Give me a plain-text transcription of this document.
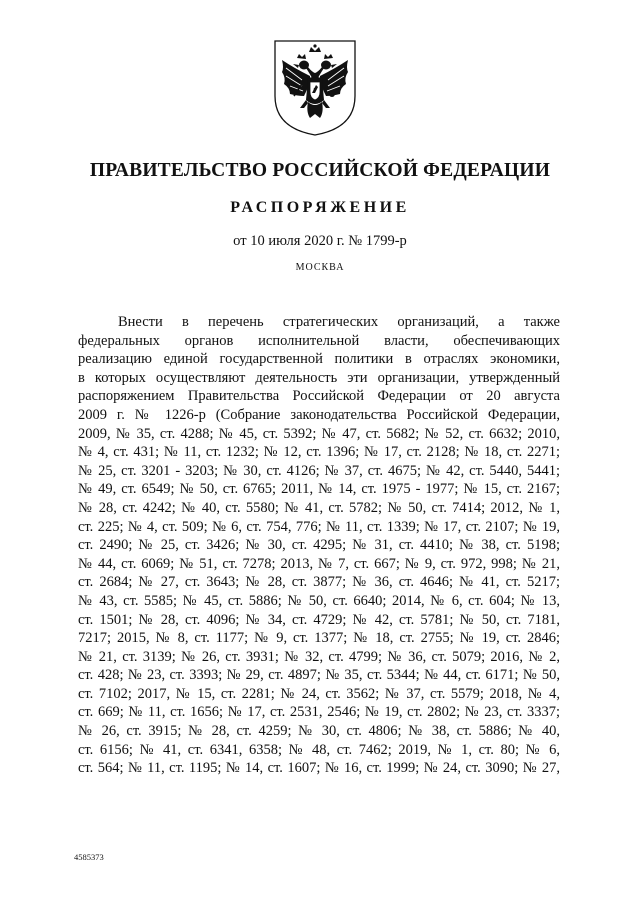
ПРАВИТЕЛЬСТВО РОССИЙСКОЙ ФЕДЕРАЦИИ
РАСПОРЯЖЕНИЕ

от 10 июля 2020 г. № 1799-р

МОСКВА

Внести в перечень стратегических организаций, а также
федеральных органов исполнительной власти, обеспечивающих
реализацию единой государственной политики в отраслях экономики,
в которых осуществляют деятельность эти организации, утвержденный
распоряжением Правительства Российской Федерации от 20 августа
2009 г. № 1226-р (Собрание законодательства Российской Федерации,
2009, № 35, ст. 4288; № 45, ст. 5392; № 47, ст. 5682; № 52, ст. 6632; 2010,
№ 4, ст. 431; № 11, ст. 1232; № 12, ст. 1396; № 17, ст. 2128; № 18, ст. 2271;
№ 25, ст. 3201 - 3203; № 30, ст. 4126; № 37, ст. 4675; № 42, ст. 5440, 5441;
№ 49, ст. 6549; № 50, ст. 6765; 2011, № 14, ст. 1975 - 1977; № 15, ст. 2167;
№ 28, ст. 4242; № 40, ст. 5580; № 41, ст. 5782; № 50, ст. 7414; 2012, № 1,
ст. 225; № 4, ст. 509; № 6, ст. 754, 776; № 11, ст. 1339; № 17, ст. 2107; № 19,
ст. 2490; № 25, ст. 3426; № 30, ст. 4295; № 31, ст. 4410; № 38, ст. 5198;
№ 44, ст. 6069; № 51, ст. 7278; 2013, № 7, ст. 667; № 9, ст. 972, 998; № 21,
ст. 2684; № 27, ст. 3643; № 28, ст. 3877; № 36, ст. 4646; № 41, ст. 5217;
№ 43, ст. 5585; № 45, ст. 5886; № 50, ст. 6640; 2014, № 6, ст. 604; № 13,
ст. 1501; № 28, ст. 4096; № 34, ст. 4729; № 42, ст. 5781; № 50, ст. 7181,
7217; 2015, № 8, ст. 1177; № 9, ст. 1377; № 18, ст. 2755; № 19, ст. 2846;
№ 21, ст. 3139; № 26, ст. 3931; № 32, ст. 4799; № 36, ст. 5079; 2016, № 2,
ст. 428; № 23, ст. 3393; № 29, ст. 4897; № 35, ст. 5344; № 44, ст. 6171; № 50,
ст. 7102; 2017, № 15, ст. 2281; № 24, ст. 3562; № 37, ст. 5579; 2018, № 4,
ст. 669; № 11, ст. 1656; № 17, ст. 2531, 2546; № 19, ст. 2802; № 23, ст. 3337;
№ 26, ст. 3915; № 28, ст. 4259; № 30, ст. 4806; № 38, ст. 5886; № 40,
ст. 6156; № 41, ст. 6341, 6358; № 48, ст. 7462; 2019, № 1, ст. 80; № 6,
ст. 564; № 11, ст. 1195; № 14, ст. 1607; № 16, ст. 1999; № 24, ст. 3090; № 27,

4585373
